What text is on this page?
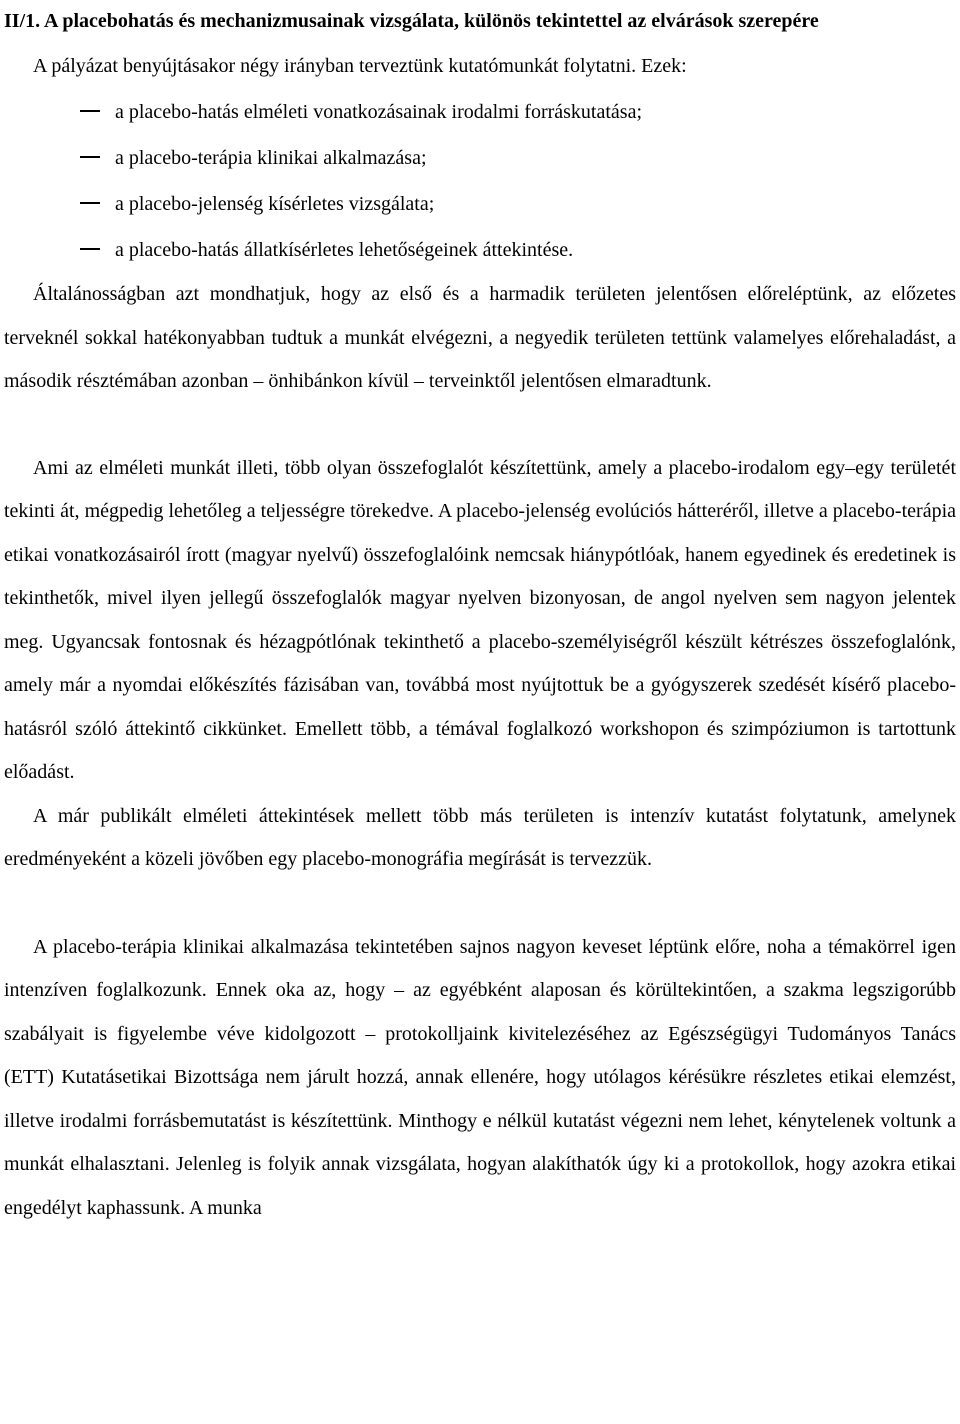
II/1. A placebohatás és mechanizmusainak vizsgálata, különös tekintettel az elvárások szerepére

A pályázat benyújtásakor négy irányban terveztünk kutatómunkát folytatni. Ezek:

a placebo-hatás elméleti vonatkozásainak irodalmi forráskutatása;
a placebo-terápia klinikai alkalmazása;
a placebo-jelenség kísérletes vizsgálata;
a placebo-hatás állatkísérletes lehetőségeinek áttekintése.

Általánosságban azt mondhatjuk, hogy az első és a harmadik területen jelentősen előreléptünk, az előzetes terveknél sokkal hatékonyabban tudtuk a munkát elvégezni, a negyedik területen tettünk valamelyes előrehaladást, a második résztémában azonban – önhibánkon kívül – terveinktől jelentősen elmaradtunk.

Ami az elméleti munkát illeti, több olyan összefoglalót készítettünk, amely a placebo-irodalom egy–egy területét tekinti át, mégpedig lehetőleg a teljességre törekedve. A placebo-jelenség evolúciós hátteréről, illetve a placebo-terápia etikai vonatkozásairól írott (magyar nyelvű) összefoglalóink nemcsak hiánypótlóak, hanem egyedinek és eredetinek is tekinthetők, mivel ilyen jellegű összefoglalók magyar nyelven bizonyosan, de angol nyelven sem nagyon jelentek meg. Ugyancsak fontosnak és hézagpótlónak tekinthető a placebo-személyiségről készült kétrészes összefoglalónk, amely már a nyomdai előkészítés fázisában van, továbbá most nyújtottuk be a gyógyszerek szedését kísérő placebo-hatásról szóló áttekintő cikkünket. Emellett több, a témával foglalkozó workshopon és szimpóziumon is tartottunk előadást.

A már publikált elméleti áttekintések mellett több más területen is intenzív kutatást folytatunk, amelynek eredményeként a közeli jövőben egy placebo-monográfia megírását is tervezzük.

A placebo-terápia klinikai alkalmazása tekintetében sajnos nagyon keveset léptünk előre, noha a témakörrel igen intenzíven foglalkozunk. Ennek oka az, hogy – az egyébként alaposan és körültekintően, a szakma legszigorúbb szabályait is figyelembe véve kidolgozott – protokolljaink kivitelezéséhez az Egészségügyi Tudományos Tanács (ETT) Kutatásetikai Bizottsága nem járult hozzá, annak ellenére, hogy utólagos kérésükre részletes etikai elemzést, illetve irodalmi forrásbemutatást is készítettünk. Minthogy e nélkül kutatást végezni nem lehet, kénytelenek voltunk a munkát elhalasztani. Jelenleg is folyik annak vizsgálata, hogyan alakíthatók úgy ki a protokollok, hogy azokra etikai engedélyt kaphassunk. A munka
